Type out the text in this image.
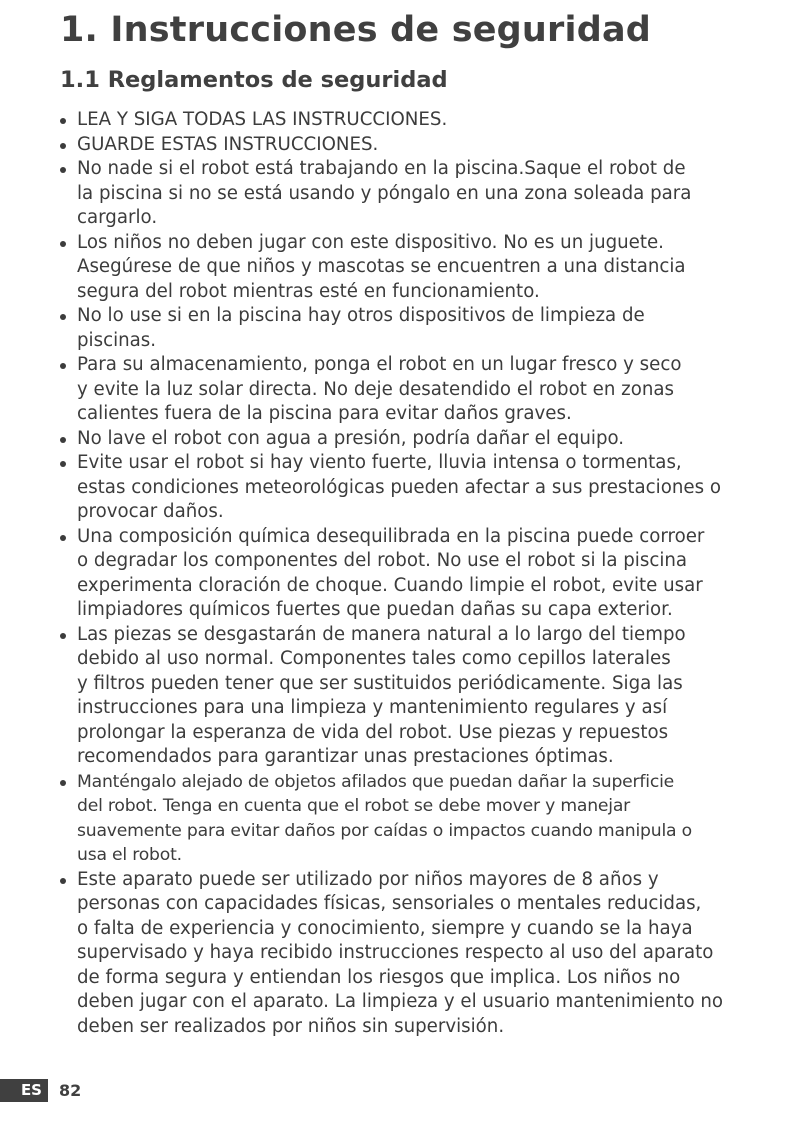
1. Instrucciones de seguridad
1.1 Reglamentos de seguridad
LEA Y SIGA TODAS LAS INSTRUCCIONES.
GUARDE ESTAS INSTRUCCIONES.
No nade si el robot está trabajando en la piscina.Saque el robot de
la piscina si no se está usando y póngalo en una zona soleada para
cargarlo.
Los niños no deben jugar con este dispositivo. No es un juguete.
Asegúrese de que niños y mascotas se encuentren a una distancia
segura del robot mientras esté en funcionamiento.
No lo use si en la piscina hay otros dispositivos de limpieza de
piscinas.
Para su almacenamiento, ponga el robot en un lugar fresco y seco
y evite la luz solar directa. No deje desatendido el robot en zonas
calientes fuera de la piscina para evitar daños graves.
No lave el robot con agua a presión, podría dañar el equipo.
Evite usar el robot si hay viento fuerte, lluvia intensa o tormentas,
estas condiciones meteorológicas pueden afectar a sus prestaciones o
provocar daños.
Una composición química desequilibrada en la piscina puede corroer
o degradar los componentes del robot. No use el robot si la piscina
experimenta cloración de choque. Cuando limpie el robot, evite usar
limpiadores químicos fuertes que puedan dañas su capa exterior.
Las piezas se desgastarán de manera natural a lo largo del tiempo
debido al uso normal. Componentes tales como cepillos laterales
y filtros pueden tener que ser sustituidos periódicamente. Siga las
instrucciones para una limpieza y mantenimiento regulares y así
prolongar la esperanza de vida del robot. Use piezas y repuestos
recomendados para garantizar unas prestaciones óptimas.
Manténgalo alejado de objetos afilados que puedan dañar la superficie
del robot. Tenga en cuenta que el robot se debe mover y manejar
suavemente para evitar daños por caídas o impactos cuando manipula o
usa el robot.
Este aparato puede ser utilizado por niños mayores de 8 años y
personas con capacidades físicas, sensoriales o mentales reducidas,
o falta de experiencia y conocimiento, siempre y cuando se la haya
supervisado y haya recibido instrucciones respecto al uso del aparato
de forma segura y entiendan los riesgos que implica. Los niños no
deben jugar con el aparato. La limpieza y el usuario mantenimiento no
deben ser realizados por niños sin supervisión.
ES	82
